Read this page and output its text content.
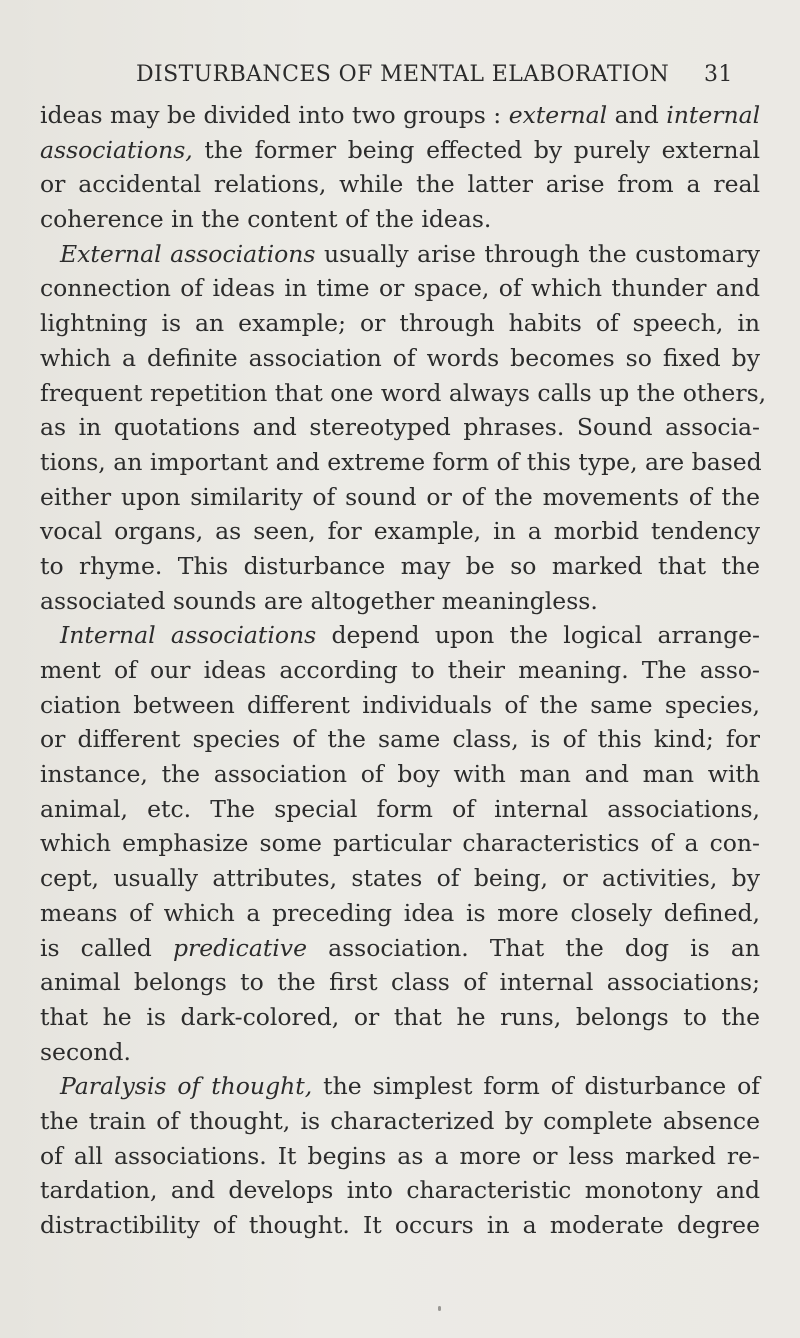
DISTURBANCES OF MENTAL ELABORATION 31
ideas may be divided into two groups : external and internal
associations, the former being effected by purely external
or accidental relations, while the latter arise from a real
coherence in the content of the ideas.
External associations usually arise through the customary
connection of ideas in time or space, of which thunder and
lightning is an example; or through habits of speech, in
which a definite association of words becomes so fixed by
frequent repetition that one word always calls up the others,
as in quotations and stereotyped phrases. Sound associa-
tions, an important and extreme form of this type, are based
either upon similarity of sound or of the movements of the
vocal organs, as seen, for example, in a morbid tendency
to rhyme. This disturbance may be so marked that the
associated sounds are altogether meaningless.
Internal associations depend upon the logical arrange-
ment of our ideas according to their meaning. The asso-
ciation between different individuals of the same species,
or different species of the same class, is of this kind; for
instance, the association of boy with man and man with
animal, etc. The special form of internal associations,
which emphasize some particular characteristics of a con-
cept, usually attributes, states of being, or activities, by
means of which a preceding idea is more closely defined,
is called predicative association. That the dog is an
animal belongs to the first class of internal associations;
that he is dark-colored, or that he runs, belongs to the
second.
Paralysis of thought, the simplest form of disturbance of
the train of thought, is characterized by complete absence
of all associations. It begins as a more or less marked re-
tardation, and develops into characteristic monotony and
distractibility of thought. It occurs in a moderate degree
